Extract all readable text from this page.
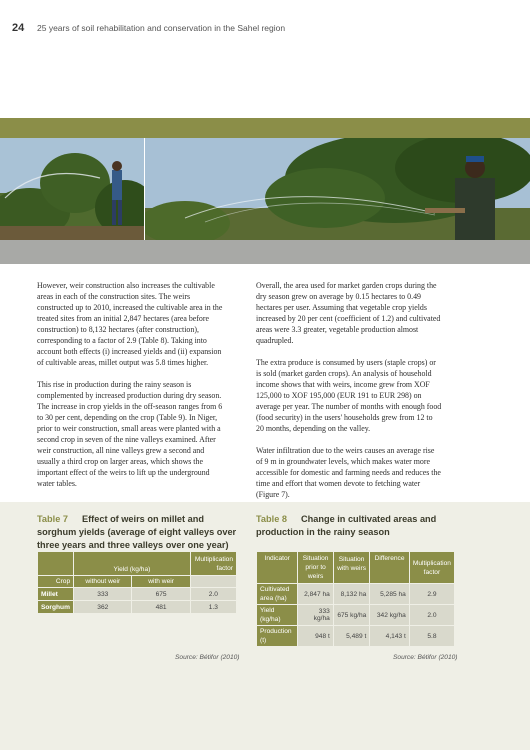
24 25 years of soil rehabilitation and conservation in the Sahel region

However, weir construction also increases the cultivable areas in each of the construction sites. The weirs constructed up to 2010, increased the cultivable area in the treated sites from an initial 2,847 hectares (area before construction) to 8,132 hectares (after construction), corresponding to a factor of 2.9 (Table 8). Taking into account both effects (i) increased yields and (ii) expansion of cultivable areas, millet output was 5.8 times higher.

This rise in production during the rainy season is complemented by increased production during dry season. The increase in crop yields in the off-season ranges from 6 to 30 per cent, depending on the crop (Table 9). In Niger, prior to weir construction, small areas were planted with a second crop in seven of the nine valleys examined. After weir construction, all nine valleys grew a second and usually a third crop on larger areas, which shows the important effect of the weirs to lift up the underground water tables.

Overall, the area used for market garden crops during the dry season grew on average by 0.15 hectares to 0.49 hectares per user. Assuming that vegetable crop yields increased by 20 per cent (coefficient of 1.2) and cultivated areas were 3.3 greater, vegetable production almost quadrupled.

The extra produce is consumed by users (staple crops) or is sold (market garden crops). An analysis of household income shows that with weirs, income grew from XOF 125,000 to XOF 195,000 (EUR 191 to EUR 298) on average per year. The number of months with enough food (food security) in the users' households grew from 12 to 20 months, depending on the valley.

Water infiltration due to the weirs causes an average rise of 9 m in groundwater levels, which makes water more accessible for domestic and farming needs and reduces the time and effort that women devote to fetching water (Figure 7).

Table 7 Effect of weirs on millet and sorghum yields (average of eight valleys over three years and three valleys over one year)
	Yield (kg/ha)		Multiplication factor
Crop	without weir	with weir	
Millet	333	675	2.0
Sorghum	362	481	1.3
Source: Bétifor (2010)
Table 8 Change in cultivated areas and production in the rainy season
Indicator	Situation prior to weirs	Situation with weirs	Difference	Multiplication factor
Cultivated area (ha)	2,847 ha	8,132 ha	5,285 ha	2.9
Yield (kg/ha)	333 kg/ha	675 kg/ha	342 kg/ha	2.0
Production (t)	948 t	5,489 t	4,143 t	5.8
Source: Bétifor (2010)
